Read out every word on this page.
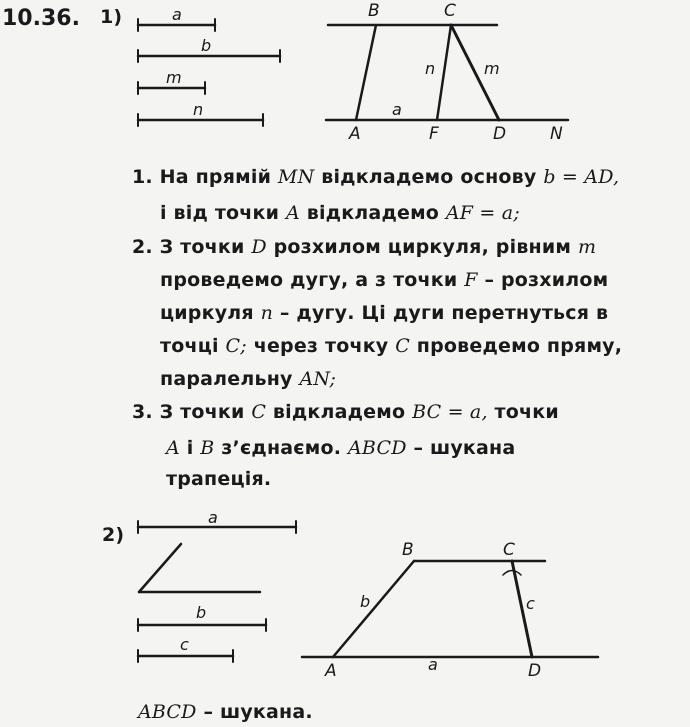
a
b
m
n
B	C
A	F	D	N
n	m
a
a
b
c
B	C
A	D
b	c
a
10.36. 1)
1. На прямій MN відкладемо основу b = AD,
і від точки A відкладемо AF = a;
2. З точки D розхилом циркуля, рівним m
проведемо дугу, а з точки F – розхилом
циркуля n – дугу. Ці дуги перетнуться в
точці C; через точку C проведемо пряму,
паралельну AN;
3. З точки C відкладемо BC = a, точки
A і B з’єднаємо. ABCD – шукана
трапеція.
2)
ABCD – шукана.
